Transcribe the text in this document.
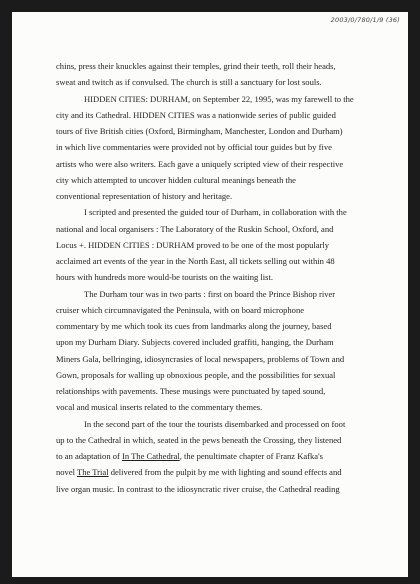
2003/0/780/1/9 (36)
chins, press their knuckles against their temples, grind their teeth, roll their heads,
sweat and twitch as if convulsed. The church is still a sanctuary for lost souls.
HIDDEN CITIES: DURHAM, on September 22, 1995, was my farewell to the
city and its Cathedral. HIDDEN CITIES was a nationwide series of public guided
tours of five British cities (Oxford, Birmingham, Manchester, London and Durham)
in which live commentaries were provided not by official tour guides but by five
artists who were also writers. Each gave a uniquely scripted view of their respective
city which attempted to uncover hidden cultural meanings beneath the
conventional representation of history and heritage.
I scripted and presented the guided tour of Durham, in collaboration with the
national and local organisers : The Laboratory of the Ruskin School, Oxford, and
Locus +. HIDDEN CITIES : DURHAM proved to be one of the most popularly
acclaimed art events of the year in the North East, all tickets selling out within 48
hours with hundreds more would-be tourists on the waiting list.
The Durham tour was in two parts : first on board the Prince Bishop river
cruiser which circumnavigated the Peninsula, with on board microphone
commentary by me which took its cues from landmarks along the journey, based
upon my Durham Diary. Subjects covered included graffiti, hanging, the Durham
Miners Gala, bellringing, idiosyncrasies of local newspapers, problems of Town and
Gown, proposals for walling up obnoxious people, and the possibilities for sexual
relationships with pavements. These musings were punctuated by taped sound,
vocal and musical inserts related to the commentary themes.
In the second part of the tour the tourists disembarked and processed on foot
up to the Cathedral in which, seated in the pews beneath the Crossing, they listened
to an adaptation of In The Cathedral, the penultimate chapter of Franz Kafka's
novel The Trial delivered from the pulpit by me with lighting and sound effects and
live organ music. In contrast to the idiosyncratic river cruise, the Cathedral reading
